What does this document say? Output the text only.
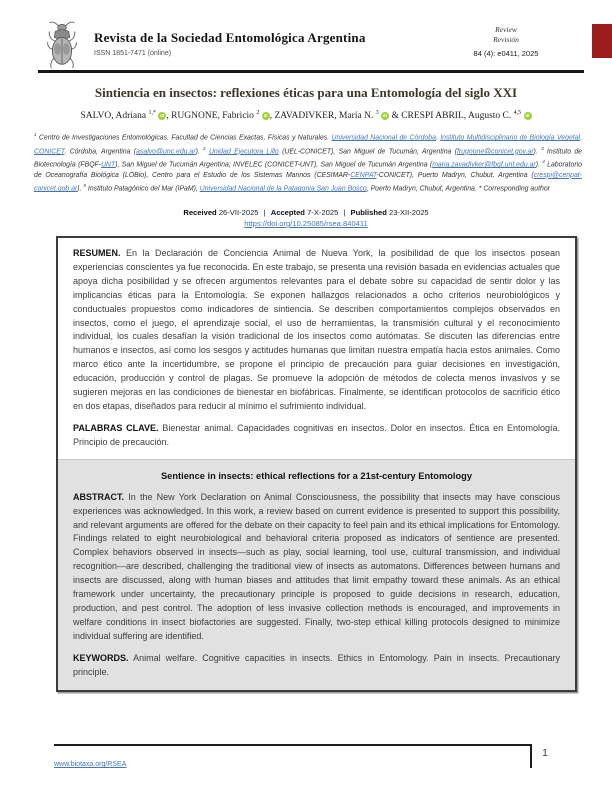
Revista de la Sociedad Entomológica Argentina
ISSN 1851-7471 (online)
Review
Revisión
84 (4): e0411, 2025
Sintiencia en insectos: reflexiones éticas para una Entomología del siglo XXI
SALVO, Adriana $^{1,*}$ iD , RUGNONE, Fabricio $^2$ iD , ZAVADIVKER, María N. $^3$ iD & CRESPI ABRIL, Augusto C. $^{4,5}$ iD

$^1$ Centro de Investigaciones Entomológicas. Facultad de Ciencias Exactas, Físicas y Naturales. Universidad Nacional de Córdoba. Instituto Multidisciplinario de Biología Vegetal. CONICET. Córdoba, Argentina (asalvo@unc.edu.ar). $^2$ Unidad Ejecutora Lillo (UEL-CONICET), San Miguel de Tucumán, Argentina (frugnone@conicet.gov.ar). $^3$ Instituto de Biotecnología (FBQF-UNT), San Miguel de Tucumán Argentina; INVELEC (CONICET-UNT), San Miguel de Tucumán Argentina (maria.zavadivker@fbqf.unt.edu.ar). $^4$ Laboratorio de Oceanografía Biológica (LOBio), Centro para el Estudio de los Sistemas Marinos (CESIMAR-CENPAT-CONICET), Puerto Madryn, Chubut, Argentina (crespi@cenpat-conicet.gob.ar). $^5$ Instituto Patagónico del Mar (IPaM), Universidad Nacional de la Patagonia San Juan Bosco, Puerto Madryn, Chubut, Argentina. * Corresponding author

Received 26-VII-2025 | Accepted 7-X-2025 | Published 23-XII-2025
https://doi.org/10.25085/rsea.840411

RESUMEN. En la Declaración de Conciencia Animal de Nueva York, la posibilidad de que los insectos posean experiencias conscientes ya fue reconocida. En este trabajo, se presenta una revisión basada en evidencias actuales que apoya dicha posibilidad y se ofrecen argumentos relevantes para el debate sobre su capacidad de sentir dolor y las implicancias éticas para la Entomología. Se exponen hallazgos relacionados a ocho criterios neurobiológicos y conductuales propuestos como indicadores de sintiencia. Se describen comportamientos complejos observados en insectos, como el juego, el aprendizaje social, el uso de herramientas, la transmisión cultural y el reconocimiento individual, los cuales desafían la visión tradicional de los insectos como autómatas. Se discuten las diferencias entre humanos e insectos, así como los sesgos y actitudes humanas que limitan nuestra empatía hacia estos animales. Como marco ético ante la incertidumbre, se propone el principio de precaución para guiar decisiones en investigación, educación, producción y control de plagas. Se promueve la adopción de métodos de colecta menos invasivos y se sugieren mejoras en las condiciones de bienestar en biofábricas. Finalmente, se identifican protocolos de sacrificio ético en dos etapas, diseñados para reducir al mínimo el sufrimiento individual.

PALABRAS CLAVE. Bienestar animal. Capacidades cognitivas en insectos. Dolor en insectos. Ética en Entomología. Principio de precaución.

Sentience in insects: ethical reflections for a 21st-century Entomology

ABSTRACT. In the New York Declaration on Animal Consciousness, the possibility that insects may have conscious experiences was acknowledged. In this work, a review based on current evidence is presented to support this possibility, and relevant arguments are offered for the debate on their capacity to feel pain and its ethical implications for Entomology. Findings related to eight neurobiological and behavioral criteria proposed as indicators of sentience are presented. Complex behaviors observed in insects—such as play, social learning, tool use, cultural transmission, and individual recognition—are described, challenging the traditional view of insects as automatons. Differences between humans and insects are discussed, along with human biases and attitudes that limit empathy toward these animals. As an ethical framework under uncertainty, the precautionary principle is proposed to guide decisions in research, education, production, and pest control. The adoption of less invasive collection methods is encouraged, and improvements in welfare conditions in insect biofactories are suggested. Finally, two-step ethical killing protocols designed to minimize individual suffering are identified.

KEYWORDS. Animal welfare. Cognitive capacities in insects. Ethics in Entomology. Pain in insects. Precautionary principle.

www.biotaxa.org/RSEA
1
